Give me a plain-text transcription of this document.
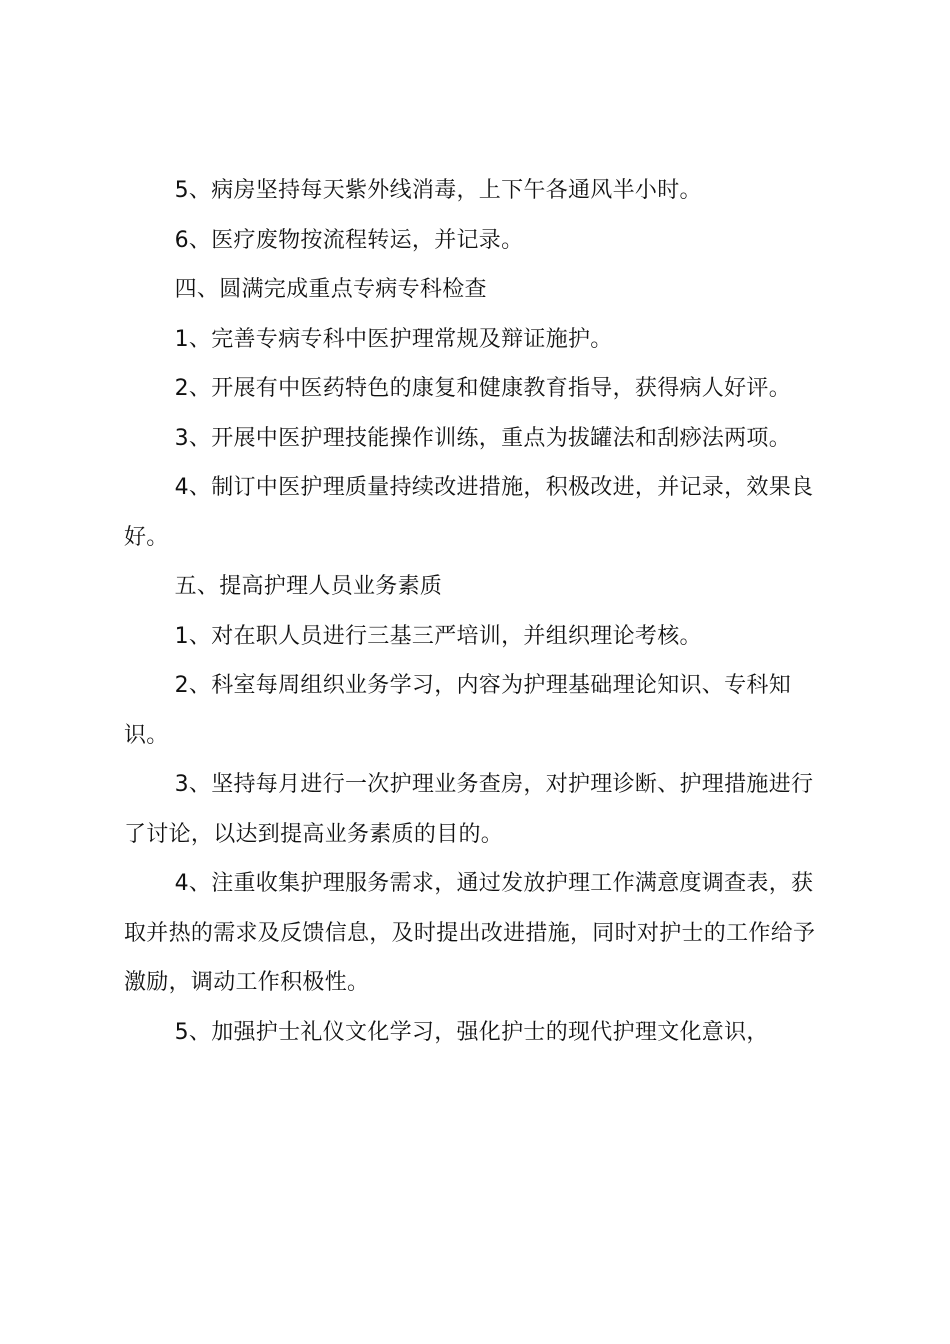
5、病房坚持每天紫外线消毒，上下午各通风半小时。

6、医疗废物按流程转运，并记录。

四、圆满完成重点专病专科检查

1、完善专病专科中医护理常规及辩证施护。

2、开展有中医药特色的康复和健康教育指导，获得病人好评。

3、开展中医护理技能操作训练，重点为拔罐法和刮痧法两项。

4、制订中医护理质量持续改进措施，积极改进，并记录，效果良好。

五、提高护理人员业务素质

1、对在职人员进行三基三严培训，并组织理论考核。

2、科室每周组织业务学习，内容为护理基础理论知识、专科知识。

3、坚持每月进行一次护理业务查房，对护理诊断、护理措施进行了讨论，以达到提高业务素质的目的。

4、注重收集护理服务需求，通过发放护理工作满意度调查表，获取并热的需求及反馈信息，及时提出改进措施，同时对护士的工作给予激励，调动工作积极性。

5、加强护士礼仪文化学习，强化护士的现代护理文化意识，
